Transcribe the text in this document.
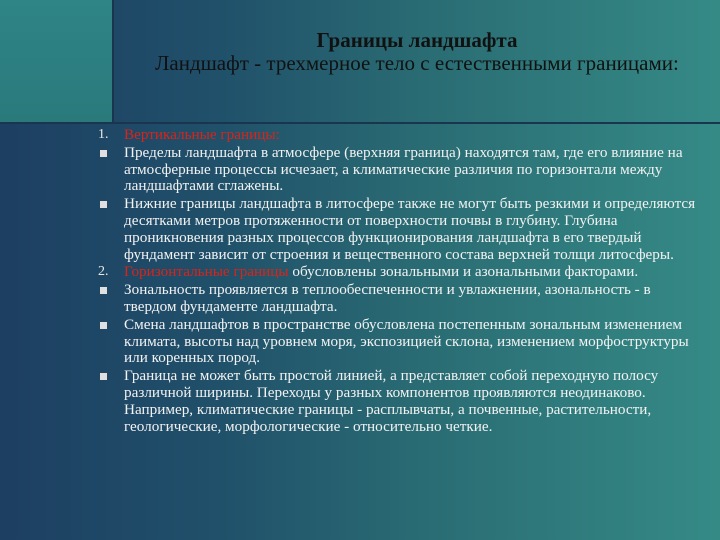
Границы ландшафта
Ландшафт - трехмерное тело с естественными границами:
1. Вертикальные границы:
Пределы ландшафта в атмосфере (верхняя граница) находятся там, где его влияние на атмосферные процессы исчезает, а климатические различия по горизонтали между ландшафтами сглажены.
Нижние границы ландшафта в литосфере также не могут быть резкими и определяются десятками метров протяженности от поверхности почвы в глубину. Глубина проникновения разных процессов функционирования ландшафта в его твердый фундамент зависит от строения и вещественного состава верхней толщи литосферы.
2. Горизонтальные границы обусловлены зональными и азональными факторами.
Зональность проявляется в теплообеспеченности и увлажнении, азональность - в твердом фундаменте ландшафта.
Смена ландшафтов в пространстве обусловлена постепенным зональным изменением климата, высоты над уровнем моря, экспозицией склона, изменением морфоструктуры или коренных пород.
Граница не может быть простой линией, а представляет собой переходную полосу различной ширины. Переходы у разных компонентов проявляются неодинаково. Например, климатические границы - расплывчаты, а почвенные, растительности, геологические, морфологические - относительно четкие.
